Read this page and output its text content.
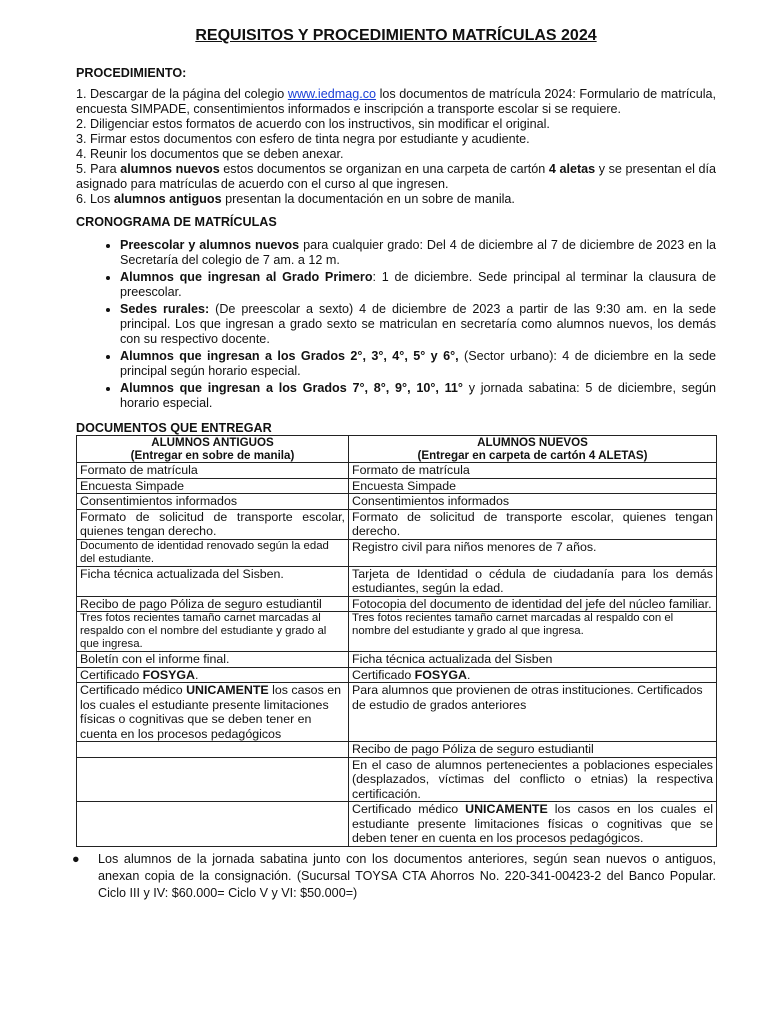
REQUISITOS Y PROCEDIMIENTO MATRÍCULAS 2024
PROCEDIMIENTO:

1. Descargar de la página del colegio www.iedmag.co los documentos de matrícula 2024: Formulario de matrícula, encuesta SIMPADE, consentimientos informados e inscripción a transporte escolar si se requiere.

2. Diligenciar estos formatos de acuerdo con los instructivos, sin modificar el original.

3. Firmar estos documentos con esfero de tinta negra por estudiante y acudiente.

4. Reunir los documentos que se deben anexar.

5. Para alumnos nuevos estos documentos se organizan en una carpeta de cartón 4 aletas y se presentan el día asignado para matrículas de acuerdo con el curso al que ingresen.

6. Los alumnos antiguos presentan la documentación en un sobre de manila.

CRONOGRAMA DE MATRÍCULAS
• Preescolar y alumnos nuevos para cualquier grado: Del 4 de diciembre al 7 de diciembre de 2023 en la Secretaría del colegio de 7 am. a 12 m.
• Alumnos que ingresan al Grado Primero: 1 de diciembre. Sede principal al terminar la clausura de preescolar.
• Sedes rurales: (De preescolar a sexto) 4 de diciembre de 2023 a partir de las 9:30 am. en la sede principal. Los que ingresan a grado sexto se matriculan en secretaría como alumnos nuevos, los demás con su respectivo docente.
• Alumnos que ingresan a los Grados 2°, 3°, 4°, 5° y 6°, (Sector urbano): 4 de diciembre en la sede principal según horario especial.
• Alumnos que ingresan a los Grados 7°, 8°, 9°, 10°, 11° y jornada sabatina: 5 de diciembre, según horario especial.
DOCUMENTOS QUE ENTREGAR
ALUMNOS ANTIGUOS
(Entregar en sobre de manila)	ALUMNOS NUEVOS
(Entregar en carpeta de cartón 4 ALETAS)
Formato de matrícula	Formato de matrícula
Encuesta Simpade	Encuesta Simpade
Consentimientos informados	Consentimientos informados
Formato de solicitud de transporte escolar, quienes tengan derecho.	Formato de solicitud de transporte escolar, quienes tengan derecho.
Documento de identidad renovado según la edad del estudiante.	Registro civil para niños menores de 7 años.
Ficha técnica actualizada del Sisben.	Tarjeta de Identidad o cédula de ciudadanía para los demás estudiantes, según la edad.
Recibo de pago Póliza de seguro estudiantil	Fotocopia del documento de identidad del jefe del núcleo familiar.
Tres fotos recientes tamaño carnet marcadas al respaldo con el nombre del estudiante y grado al que ingresa.	Tres fotos recientes tamaño carnet marcadas al respaldo con el nombre del estudiante y grado al que ingresa.
Boletín con el informe final.	Ficha técnica actualizada del Sisben
Certificado FOSYGA.	Certificado FOSYGA.
Certificado médico UNICAMENTE los casos en los cuales el estudiante presente limitaciones físicas o cognitivas que se deben tener en cuenta en los procesos pedagógicos	Para alumnos que provienen de otras instituciones. Certificados de estudio de grados anteriores
	Recibo de pago Póliza de seguro estudiantil
	En el caso de alumnos pertenecientes a poblaciones especiales (desplazados, víctimas del conflicto o etnias) la respectiva certificación.
	Certificado médico UNICAMENTE los casos en los cuales el estudiante presente limitaciones físicas o cognitivas que se deben tener en cuenta en los procesos pedagógicos.
● Los alumnos de la jornada sabatina junto con los documentos anteriores, según sean nuevos o antiguos, anexan copia de la consignación. (Sucursal TOYSA CTA Ahorros No. 220-341-00423-2 del Banco Popular. Ciclo III y IV: $60.000= Ciclo V y VI: $50.000=)
